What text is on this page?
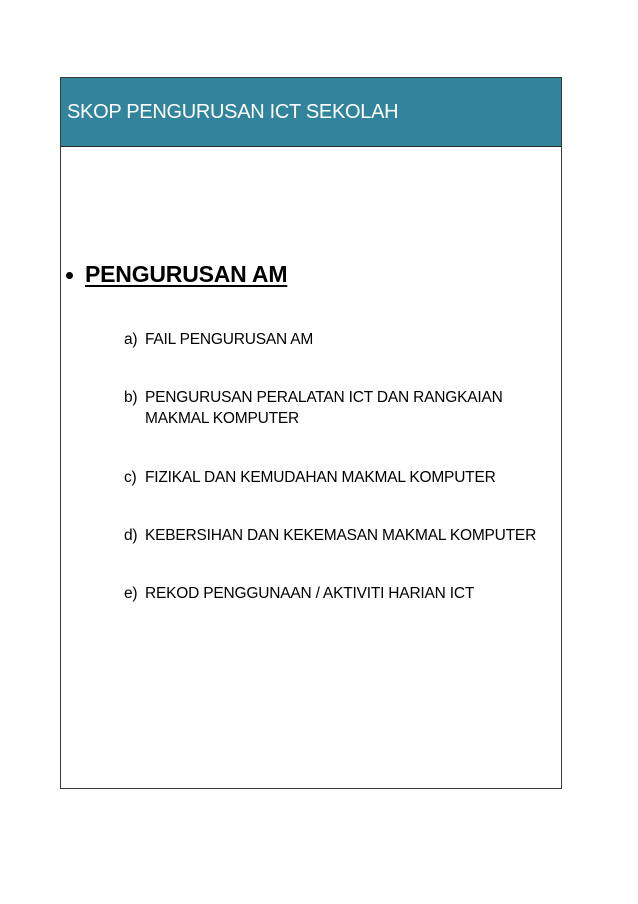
SKOP PENGURUSAN ICT SEKOLAH
PENGURUSAN AM
a) FAIL PENGURUSAN AM
b) PENGURUSAN PERALATAN ICT DAN RANGKAIAN MAKMAL KOMPUTER
c) FIZIKAL DAN KEMUDAHAN MAKMAL KOMPUTER
d) KEBERSIHAN DAN KEKEMASAN MAKMAL KOMPUTER
e) REKOD PENGGUNAAN / AKTIVITI HARIAN ICT
